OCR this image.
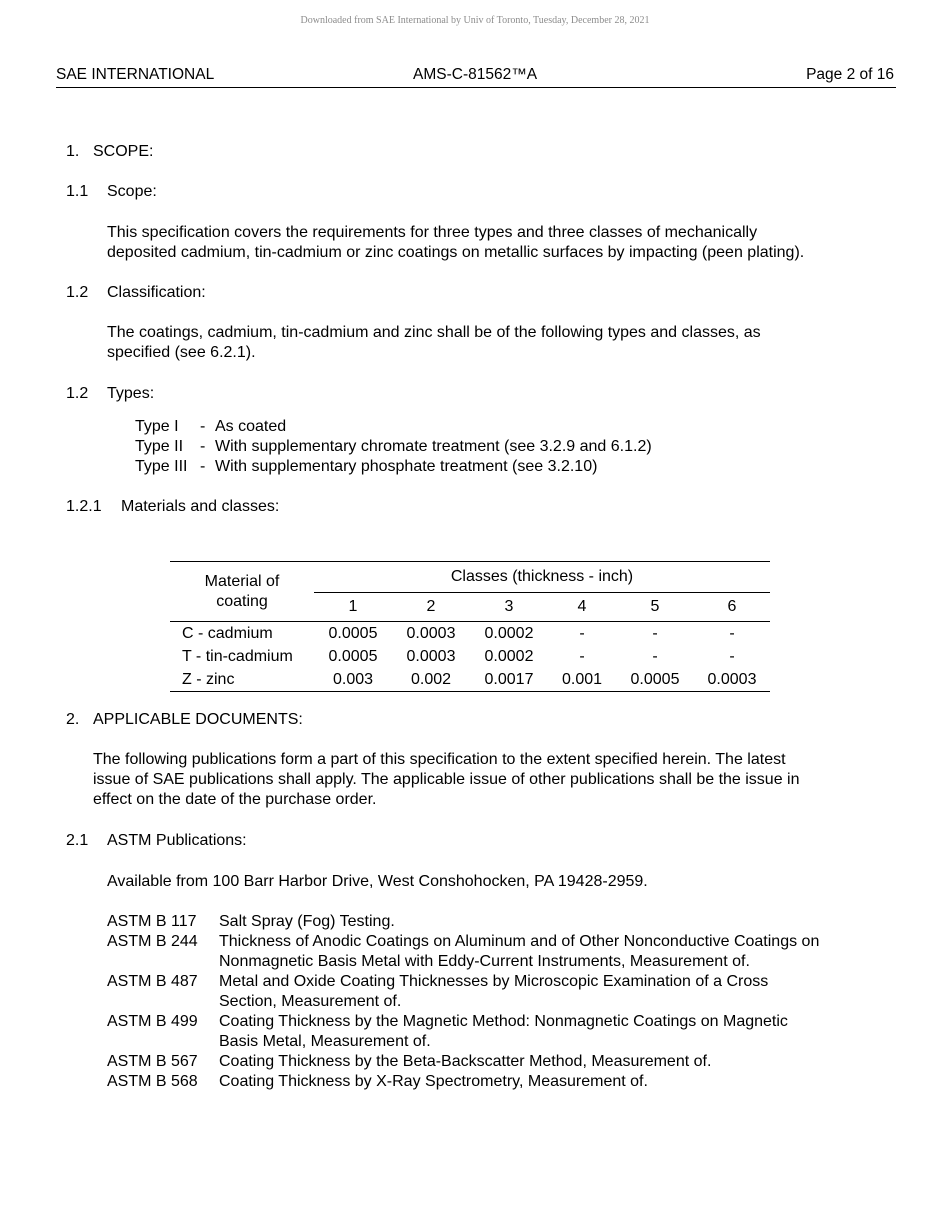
Downloaded from SAE International by Univ of Toronto, Tuesday, December 28, 2021
SAE INTERNATIONAL	AMS-C-81562™A	Page 2 of 16
1. SCOPE:
1.1 Scope:
This specification covers the requirements for three types and three classes of mechanically
deposited cadmium, tin-cadmium or zinc coatings on metallic surfaces by impacting (peen plating).
1.2 Classification:
The coatings, cadmium, tin-cadmium and zinc shall be of the following types and classes, as
specified (see 6.2.1).
1.2 Types:
Type I - As coated
Type II - With supplementary chromate treatment (see 3.2.9 and 6.1.2)
Type III - With supplementary phosphate treatment (see 3.2.10)
1.2.1 Materials and classes:
Material of
coating	Classes (thickness - inch)					
	1	2	3	4	5	6
C - cadmium	0.0005	0.0003	0.0002	-	-	-
T - tin-cadmium	0.0005	0.0003	0.0002	-	-	-
Z - zinc	0.003	0.002	0.0017	0.001	0.0005	0.0003
2. APPLICABLE DOCUMENTS:
The following publications form a part of this specification to the extent specified herein. The latest
issue of SAE publications shall apply. The applicable issue of other publications shall be the issue in
effect on the date of the purchase order.
2.1 ASTM Publications:
Available from 100 Barr Harbor Drive, West Conshohocken, PA 19428-2959.
ASTM B 117 Salt Spray (Fog) Testing.
ASTM B 244 Thickness of Anodic Coatings on Aluminum and of Other Nonconductive Coatings on
Nonmagnetic Basis Metal with Eddy-Current Instruments, Measurement of.
ASTM B 487 Metal and Oxide Coating Thicknesses by Microscopic Examination of a Cross
Section, Measurement of.
ASTM B 499 Coating Thickness by the Magnetic Method: Nonmagnetic Coatings on Magnetic
Basis Metal, Measurement of.
ASTM B 567 Coating Thickness by the Beta-Backscatter Method, Measurement of.
ASTM B 568 Coating Thickness by X-Ray Spectrometry, Measurement of.
